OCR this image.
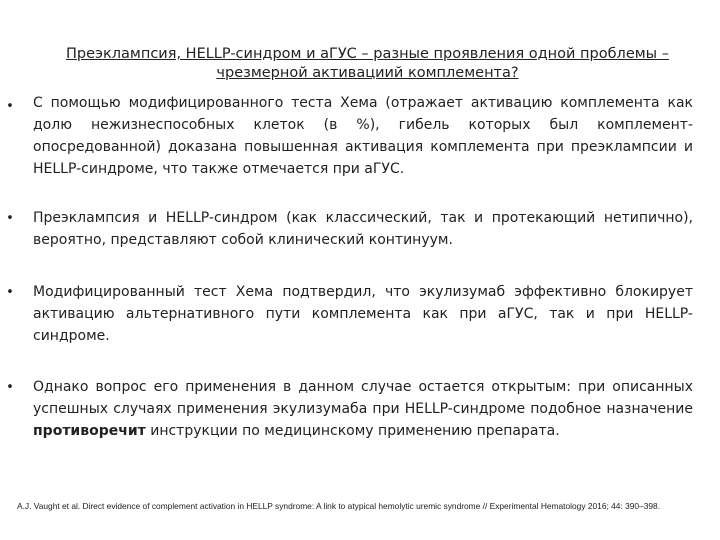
Преэклампсия, HELLP-синдром и аГУС – разные проявления одной проблемы – чрезмерной активациий комплемента?
• С помощью модифицированного теста Хема (отражает активацию комплемента как долю нежизнеспособных клеток (в %), гибель которых был комплемент-опосредованной) доказана повышенная активация комплемента при преэклампсии и HELLP-синдроме, что также отмечается при аГУС.
• Преэклампсия и HELLP-синдром (как классический, так и протекающий нетипично), вероятно, представляют собой клинический континуум.
• Модифицированный тест Хема подтвердил, что экулизумаб эффективно блокирует активацию альтернативного пути комплемента как при аГУС, так и при HELLP-синдроме.
• Однако вопрос его применения в данном случае остается открытым: при описанных успешных случаях применения экулизумаба при HELLP-синдроме подобное назначение противоречит инструкции по медицинскому применению препарата.
A.J. Vaught et al. Direct evidence of complement activation in HELLP syndrome: A link to atypical hemolytic uremic syndrome // Experimental Hematology 2016; 44: 390–398.
